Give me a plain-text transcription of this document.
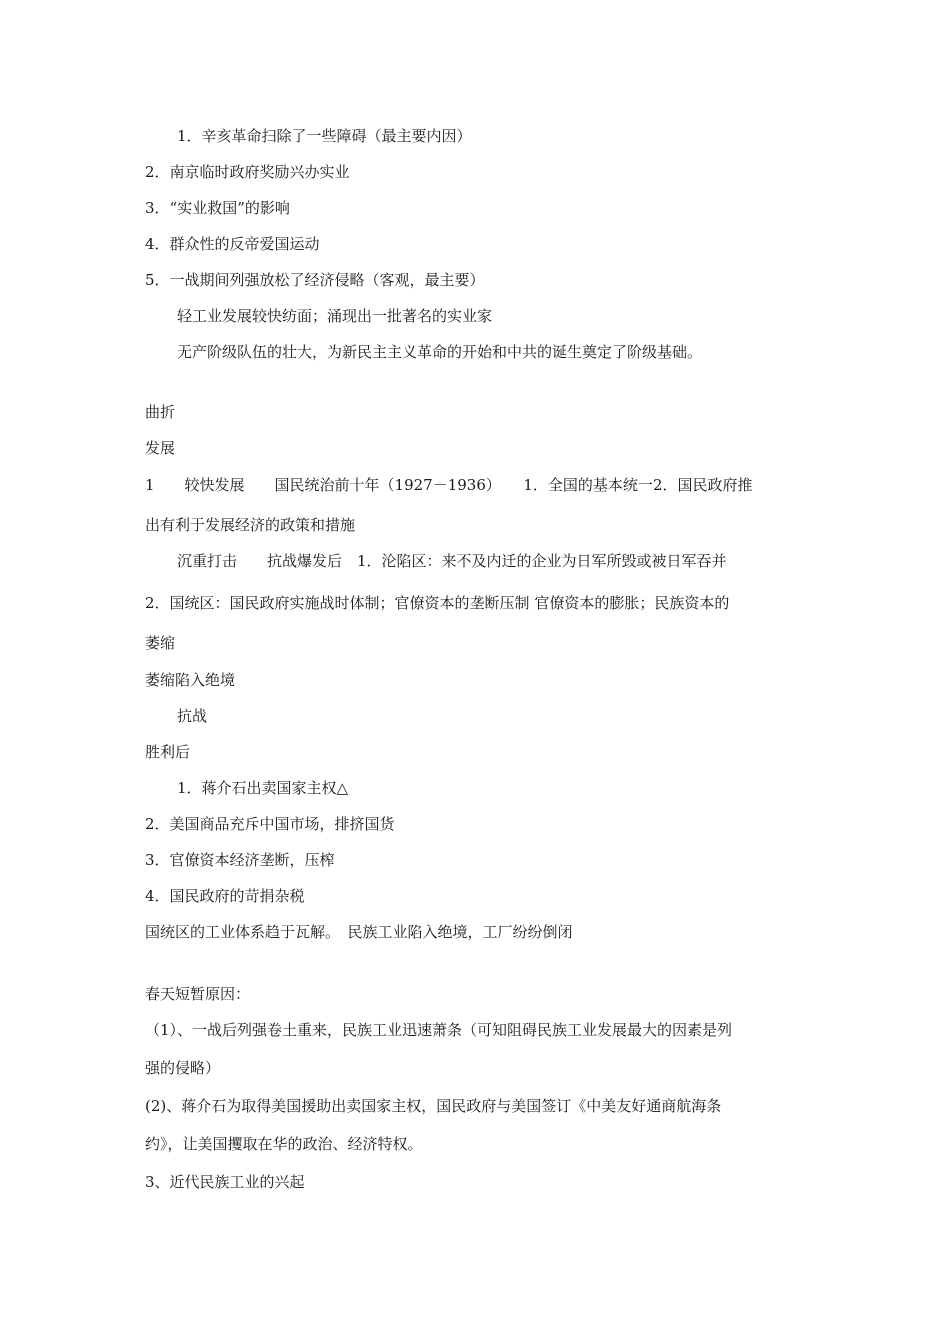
1．辛亥革命扫除了一些障碍（最主要内因）
2．南京临时政府奖励兴办实业
3．“实业救国”的影响
4．群众性的反帝爱国运动
5．一战期间列强放松了经济侵略（客观，最主要）
轻工业发展较快纺面；涌现出一批著名的实业家
无产阶级队伍的壮大，为新民主主义革命的开始和中共的诞生奠定了阶级基础。
曲折
发展
1　　较快发展　　国民统治前十年（1927－1936）　　1．全国的基本统一2．国民政府推
出有利于发展经济的政策和措施
沉重打击　　抗战爆发后　1．沦陷区：来不及内迁的企业为日军所毁或被日军吞并
2．国统区：国民政府实施战时体制；官僚资本的垄断压制 官僚资本的膨胀；民族资本的
萎缩
萎缩陷入绝境
抗战
胜利后
1．蒋介石出卖国家主权△
2．美国商品充斥中国市场，排挤国货
3．官僚资本经济垄断，压榨
4．国民政府的苛捐杂税
国统区的工业体系趋于瓦解。　民族工业陷入绝境，工厂纷纷倒闭
春天短暂原因：
（1）、一战后列强卷土重来，民族工业迅速萧条（可知阻碍民族工业发展最大的因素是列
强的侵略）
(2)、蒋介石为取得美国援助出卖国家主权，国民政府与美国签订《中美友好通商航海条
约》，让美国攫取在华的政治、经济特权。
3、近代民族工业的兴起
